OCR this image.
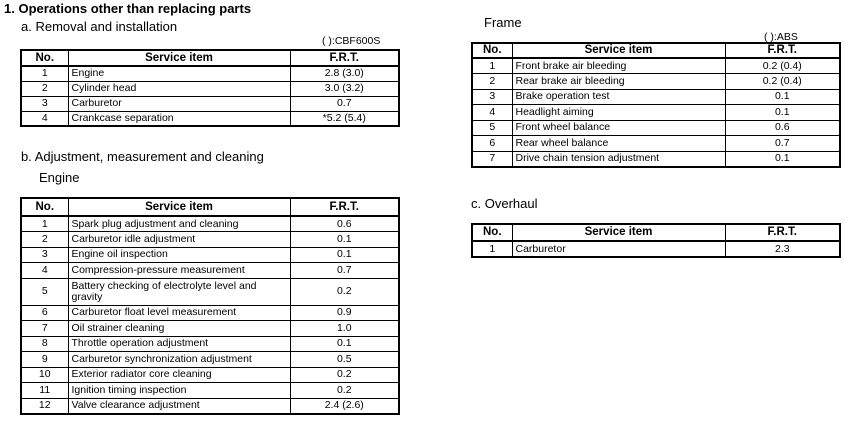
1. Operations other than replacing parts
a. Removal and installation
( ):CBF600S
No.	Service item	F.R.T.
1	Engine	2.8 (3.0)
2	Cylinder head	3.0 (3.2)
3	Carburetor	0.7
4	Crankcase separation	*5.2 (5.4)
b. Adjustment, measurement and cleaning
Engine
No.	Service item	F.R.T.
1	Spark plug adjustment and cleaning	0.6
2	Carburetor idle adjustment	0.1
3	Engine oil inspection	0.1
4	Compression-pressure measurement	0.7
5	Battery checking of electrolyte level and gravity	0.2
6	Carburetor float level measurement	0.9
7	Oil strainer cleaning	1.0
8	Throttle operation adjustment	0.1
9	Carburetor synchronization adjustment	0.5
10	Exterior radiator core cleaning	0.2
11	Ignition timing inspection	0.2
12	Valve clearance adjustment	2.4 (2.6)
Frame
( ):ABS
No.	Service item	F.R.T.
1	Front brake air bleeding	0.2 (0.4)
2	Rear brake air bleeding	0.2 (0.4)
3	Brake operation test	0.1
4	Headlight aiming	0.1
5	Front wheel balance	0.6
6	Rear wheel balance	0.7
7	Drive chain tension adjustment	0.1
c. Overhaul
No.	Service item	F.R.T.
1	Carburetor	2.3
